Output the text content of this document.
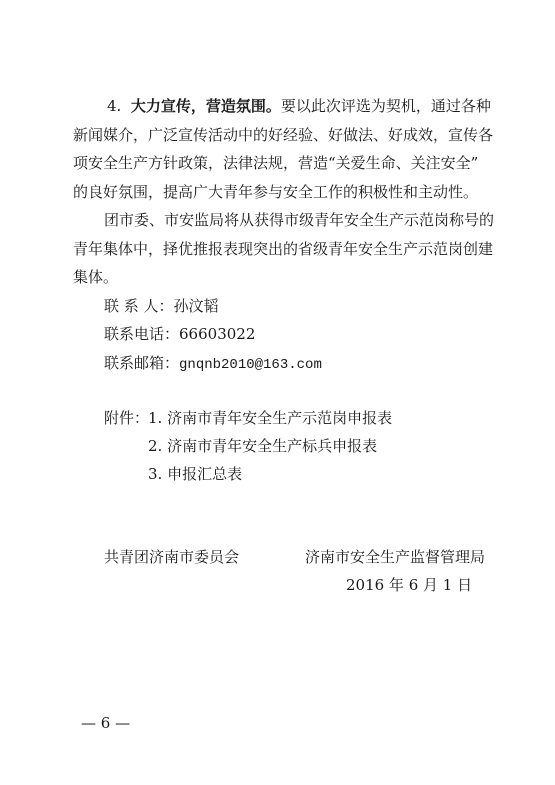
4. 大力宣传，营造氛围。要以此次评选为契机，通过各种
新闻媒介，广泛宣传活动中的好经验、好做法、好成效，宣传各
项安全生产方针政策，法律法规，营造“关爱生命、关注安全”
的良好氛围，提高广大青年参与安全工作的积极性和主动性。
团市委、市安监局将从获得市级青年安全生产示范岗称号的
青年集体中，择优推报表现突出的省级青年安全生产示范岗创建
集体。
联 系 人：孙汶韬
联系电话：66603022
联系邮箱：gnqnb2010@163.com
附件：
1. 济南市青年安全生产示范岗申报表
2. 济南市青年安全生产标兵申报表
3. 申报汇总表
共青团济南市委员会	济南市安全生产监督管理局
2016 年 6 月 1 日
— 6 —
